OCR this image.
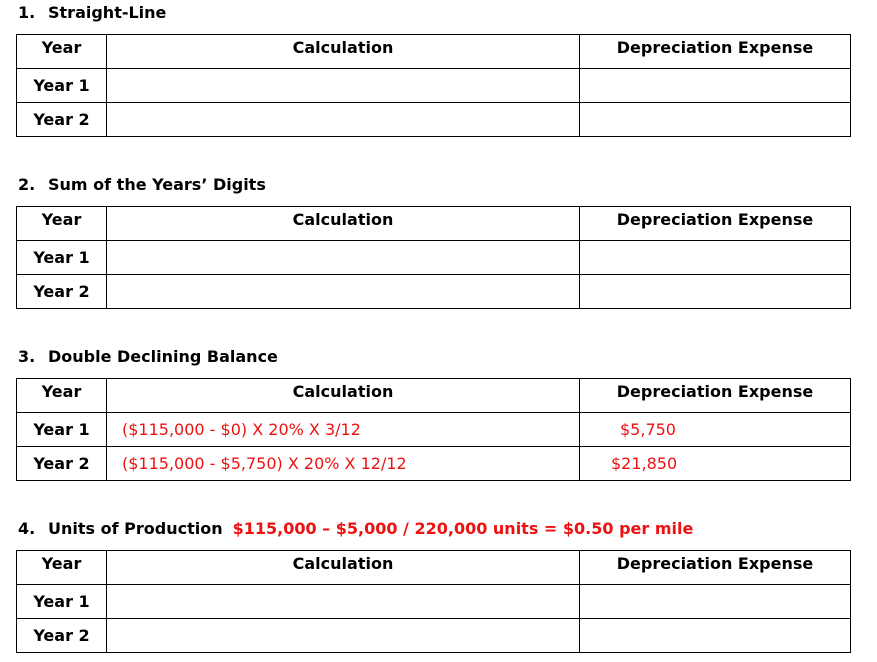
1. Straight-Line
Year	Calculation	Depreciation Expense
Year 1		
Year 2		
2. Sum of the Years’ Digits
Year	Calculation	Depreciation Expense
Year 1		
Year 2		
3. Double Declining Balance
Year	Calculation	Depreciation Expense
Year 1	($115,000 - $0) X 20% X 3/12	$5,750
Year 2	($115,000 - $5,750) X 20% X 12/12	$21,850
4. Units of Production $115,000 – $5,000 / 220,000 units = $0.50 per mile
Year	Calculation	Depreciation Expense
Year 1		
Year 2		
